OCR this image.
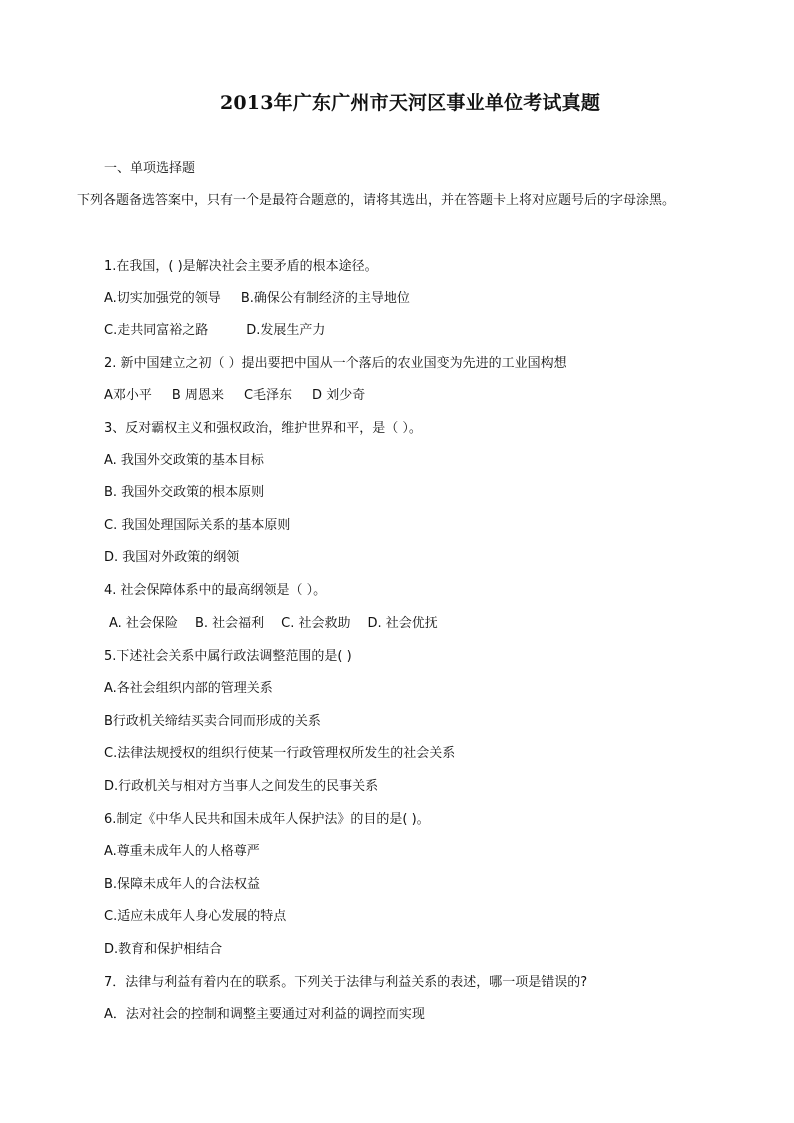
2013年广东广州市天河区事业单位考试真题
一、单项选择题
下列各题备选答案中，只有一个是最符合题意的，请将其选出，并在答题卡上将对应题号后的字母涂黑。
1.在我国，( )是解决社会主要矛盾的根本途径。
A.切实加强党的领导 B.确保公有制经济的主导地位
C.走共同富裕之路	D.发展生产力
2. 新中国建立之初（ ）提出要把中国从一个落后的农业国变为先进的工业国构想
A邓小平 B 周恩来 C毛泽东 D 刘少奇
3、反对霸权主义和强权政治，维护世界和平，是（ ）。
A. 我国外交政策的基本目标
B. 我国外交政策的根本原则
C. 我国处理国际关系的基本原则
D. 我国对外政策的纲领
4. 社会保障体系中的最高纲领是（ ）。
A. 社会保险 B. 社会福利 C. 社会救助 D. 社会优抚
5.下述社会关系中属行政法调整范围的是( )
A.各社会组织内部的管理关系
B行政机关缔结买卖合同而形成的关系
C.法律法规授权的组织行使某一行政管理权所发生的社会关系
D.行政机关与相对方当事人之间发生的民事关系
6.制定《中华人民共和国未成年人保护法》的目的是( )。
A.尊重未成年人的人格尊严
B.保障未成年人的合法权益
C.适应未成年人身心发展的特点
D.教育和保护相结合
7．法律与利益有着内在的联系。下列关于法律与利益关系的表述，哪一项是错误的?
A．法对社会的控制和调整主要通过对利益的调控而实现
